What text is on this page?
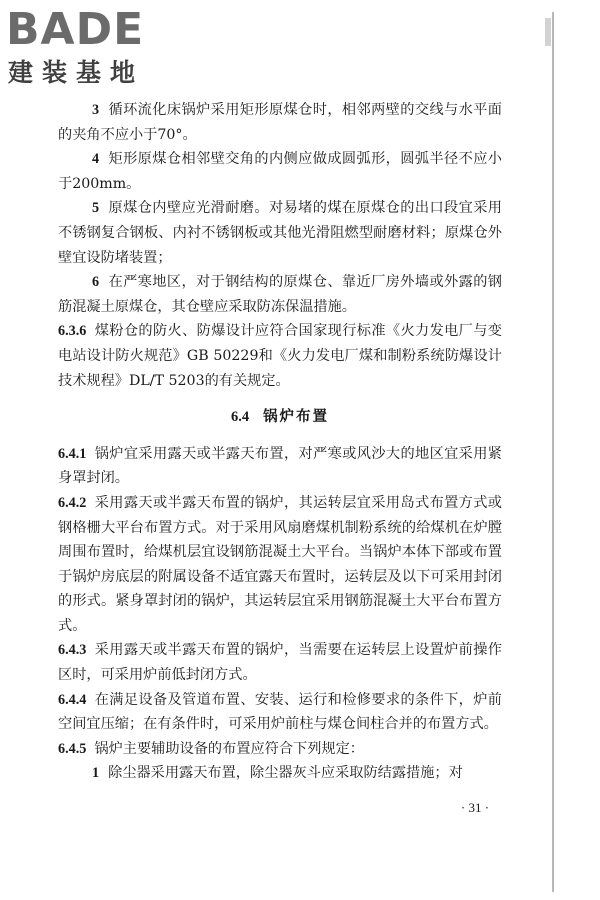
BADE
建装基地

3 循环流化床锅炉采用矩形原煤仓时，相邻两壁的交线与水平面的夹角不应小于70°。

4 矩形原煤仓相邻壁交角的内侧应做成圆弧形，圆弧半径不应小于200mm。

5 原煤仓内壁应光滑耐磨。对易堵的煤在原煤仓的出口段宜采用不锈钢复合钢板、内衬不锈钢板或其他光滑阻燃型耐磨材料；原煤仓外壁宜设防堵装置；

6 在严寒地区，对于钢结构的原煤仓、靠近厂房外墙或外露的钢筋混凝土原煤仓，其仓壁应采取防冻保温措施。

6.3.6 煤粉仓的防火、防爆设计应符合国家现行标准《火力发电厂与变电站设计防火规范》GB 50229和《火力发电厂煤和制粉系统防爆设计技术规程》DL/T 5203的有关规定。

6.4 锅炉布置

6.4.1 锅炉宜采用露天或半露天布置，对严寒或风沙大的地区宜采用紧身罩封闭。

6.4.2 采用露天或半露天布置的锅炉，其运转层宜采用岛式布置方式或钢格栅大平台布置方式。对于采用风扇磨煤机制粉系统的给煤机在炉膛周围布置时，给煤机层宜设钢筋混凝土大平台。当锅炉本体下部或布置于锅炉房底层的附属设备不适宜露天布置时，运转层及以下可采用封闭的形式。紧身罩封闭的锅炉，其运转层宜采用钢筋混凝土大平台布置方式。

6.4.3 采用露天或半露天布置的锅炉，当需要在运转层上设置炉前操作区时，可采用炉前低封闭方式。

6.4.4 在满足设备及管道布置、安装、运行和检修要求的条件下，炉前空间宜压缩；在有条件时，可采用炉前柱与煤仓间柱合并的布置方式。

6.4.5 锅炉主要辅助设备的布置应符合下列规定：

1 除尘器采用露天布置，除尘器灰斗应采取防结露措施；对

· 31 ·
